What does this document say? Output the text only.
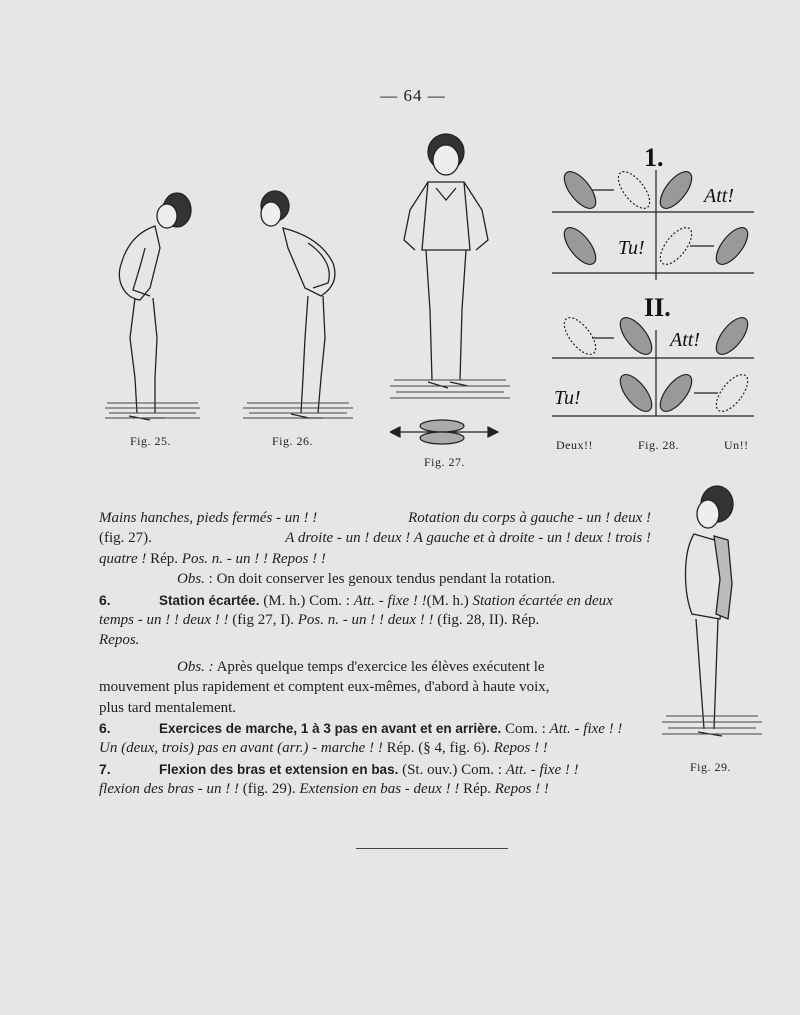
— 64 —
Fig. 25.	Fig. 26.
Fig. 27.
1.
II.
Att!
Tu!
Att!
Tu!
Deux!!	Fig. 28.	Un!!
Fig. 29.
Mains hanches, pieds fermés - un ! !	Rotation du corps à gauche - un ! deux !
(fig. 27).	A droite - un ! deux ! A gauche et à droite - un ! deux ! trois !
quatre ! Rép. Pos. n. - un ! ! Repos ! !
Obs. : On doit conserver les genoux tendus pendant la rotation.
6.	Station écartée. (M. h.) Com. : Att. - fixe ! !(M. h.) Station écartée en deux
temps - un ! ! deux ! ! (fig 27, I). Pos. n. - un ! ! deux ! ! (fig. 28, II). Rép.
Repos.
Obs. : Après quelque temps d'exercice les élèves exécutent le
mouvement plus rapidement et comptent eux-mêmes, d'abord à haute voix,
plus tard mentalement.
6.	Exercices de marche, 1 à 3 pas en avant et en arrière. Com. : Att. - fixe ! !
Un (deux, trois) pas en avant (arr.) - marche ! ! Rép. (§ 4, fig. 6). Repos ! !
7.	Flexion des bras et extension en bas. (St. ouv.) Com. : Att. - fixe ! !
flexion des bras - un ! ! (fig. 29). Extension en bas - deux ! ! Rép. Repos ! !
